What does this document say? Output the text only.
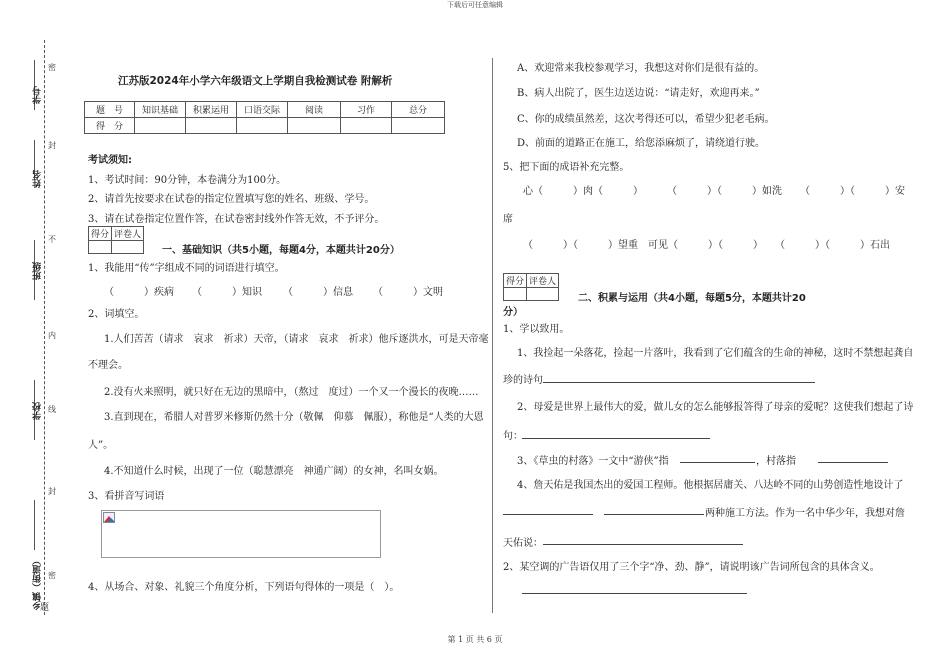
下载后可任意编辑
学号
姓名
班级
学校
乡镇（街道）
密
封
不
内
线
封
密
题
江苏版2024年小学六年级语文上学期自我检测试卷 附解析
题　号	知识基础	积累运用	口语交际	阅读	习作	总分
得　分						
考试须知:
1、考试时间：90分钟，本卷满分为100分。
2、请首先按要求在试卷的指定位置填写您的姓名、班级、学号。
3、请在试卷指定位置作答，在试卷密封线外作答无效，不予评分。
得分	评卷人

一、基础知识（共5小题，每题4分，本题共计20分）
1、我能用“传”字组成不同的词语进行填空。
（　　　）疾病 （　　　）知识 （　　　）信息 （　　　）文明
2、词填空。
1.人们苦苦（请求　哀求　祈求）天帝，（请求　哀求　祈求）他斥逐洪水，可是天帝毫
不理会。
2.没有火来照明，就只好在无边的黑暗中，（熬过　度过）一个又一个漫长的夜晚……
3.直到现在，希腊人对普罗米修斯仍然十分（敬佩　仰慕　佩服），称他是“人类的大恩
人”。
4.不知道什么时候，出现了一位（聪慧漂亮　神通广阔）的女神，名叫女娲。
3、看拼音写词语
4、从场合、对象、礼貌三个角度分析，下列语句得体的一项是（　）。
A、欢迎常来我校参观学习，我想这对你们是很有益的。
B、病人出院了，医生边送边说：“请走好，欢迎再来。”
C、你的成绩虽然差，这次考得还可以，希望少犯老毛病。
D、前面的道路正在施工，给您添麻烦了，请绕道行驶。
5、把下面的成语补充完整。
心（　　　）肉（　　　） （　　　）（　　　）如洗 （　　　）（　　　）安
席
（　　　）（　　　）望重 可见（　　　）（　　　） （　　　）（　　　）石出
得分	评卷人

二、积累与运用（共4小题，每题5分，本题共计20
分）
1、学以致用。
1、我捡起一朵落花，捡起一片落叶，我看到了它们蕴含的生命的神秘，这时不禁想起龚自
珍的诗句
2、母爱是世界上最伟大的爱，做儿女的怎么能够报答得了母亲的爱呢？这使我们想起了诗
句：
3、《草虫的村落》一文中“游侠”指	，村落指
4、詹天佑是我国杰出的爱国工程师。他根据居庸关、八达岭不同的山势创造性地设计了
两种施工方法。作为一名中华少年，我想对詹
天佑说：
2、某空调的广告语仅用了三个字“净、劲、静”，请说明该广告词所包含的具体含义。
第 1 页 共 6 页
